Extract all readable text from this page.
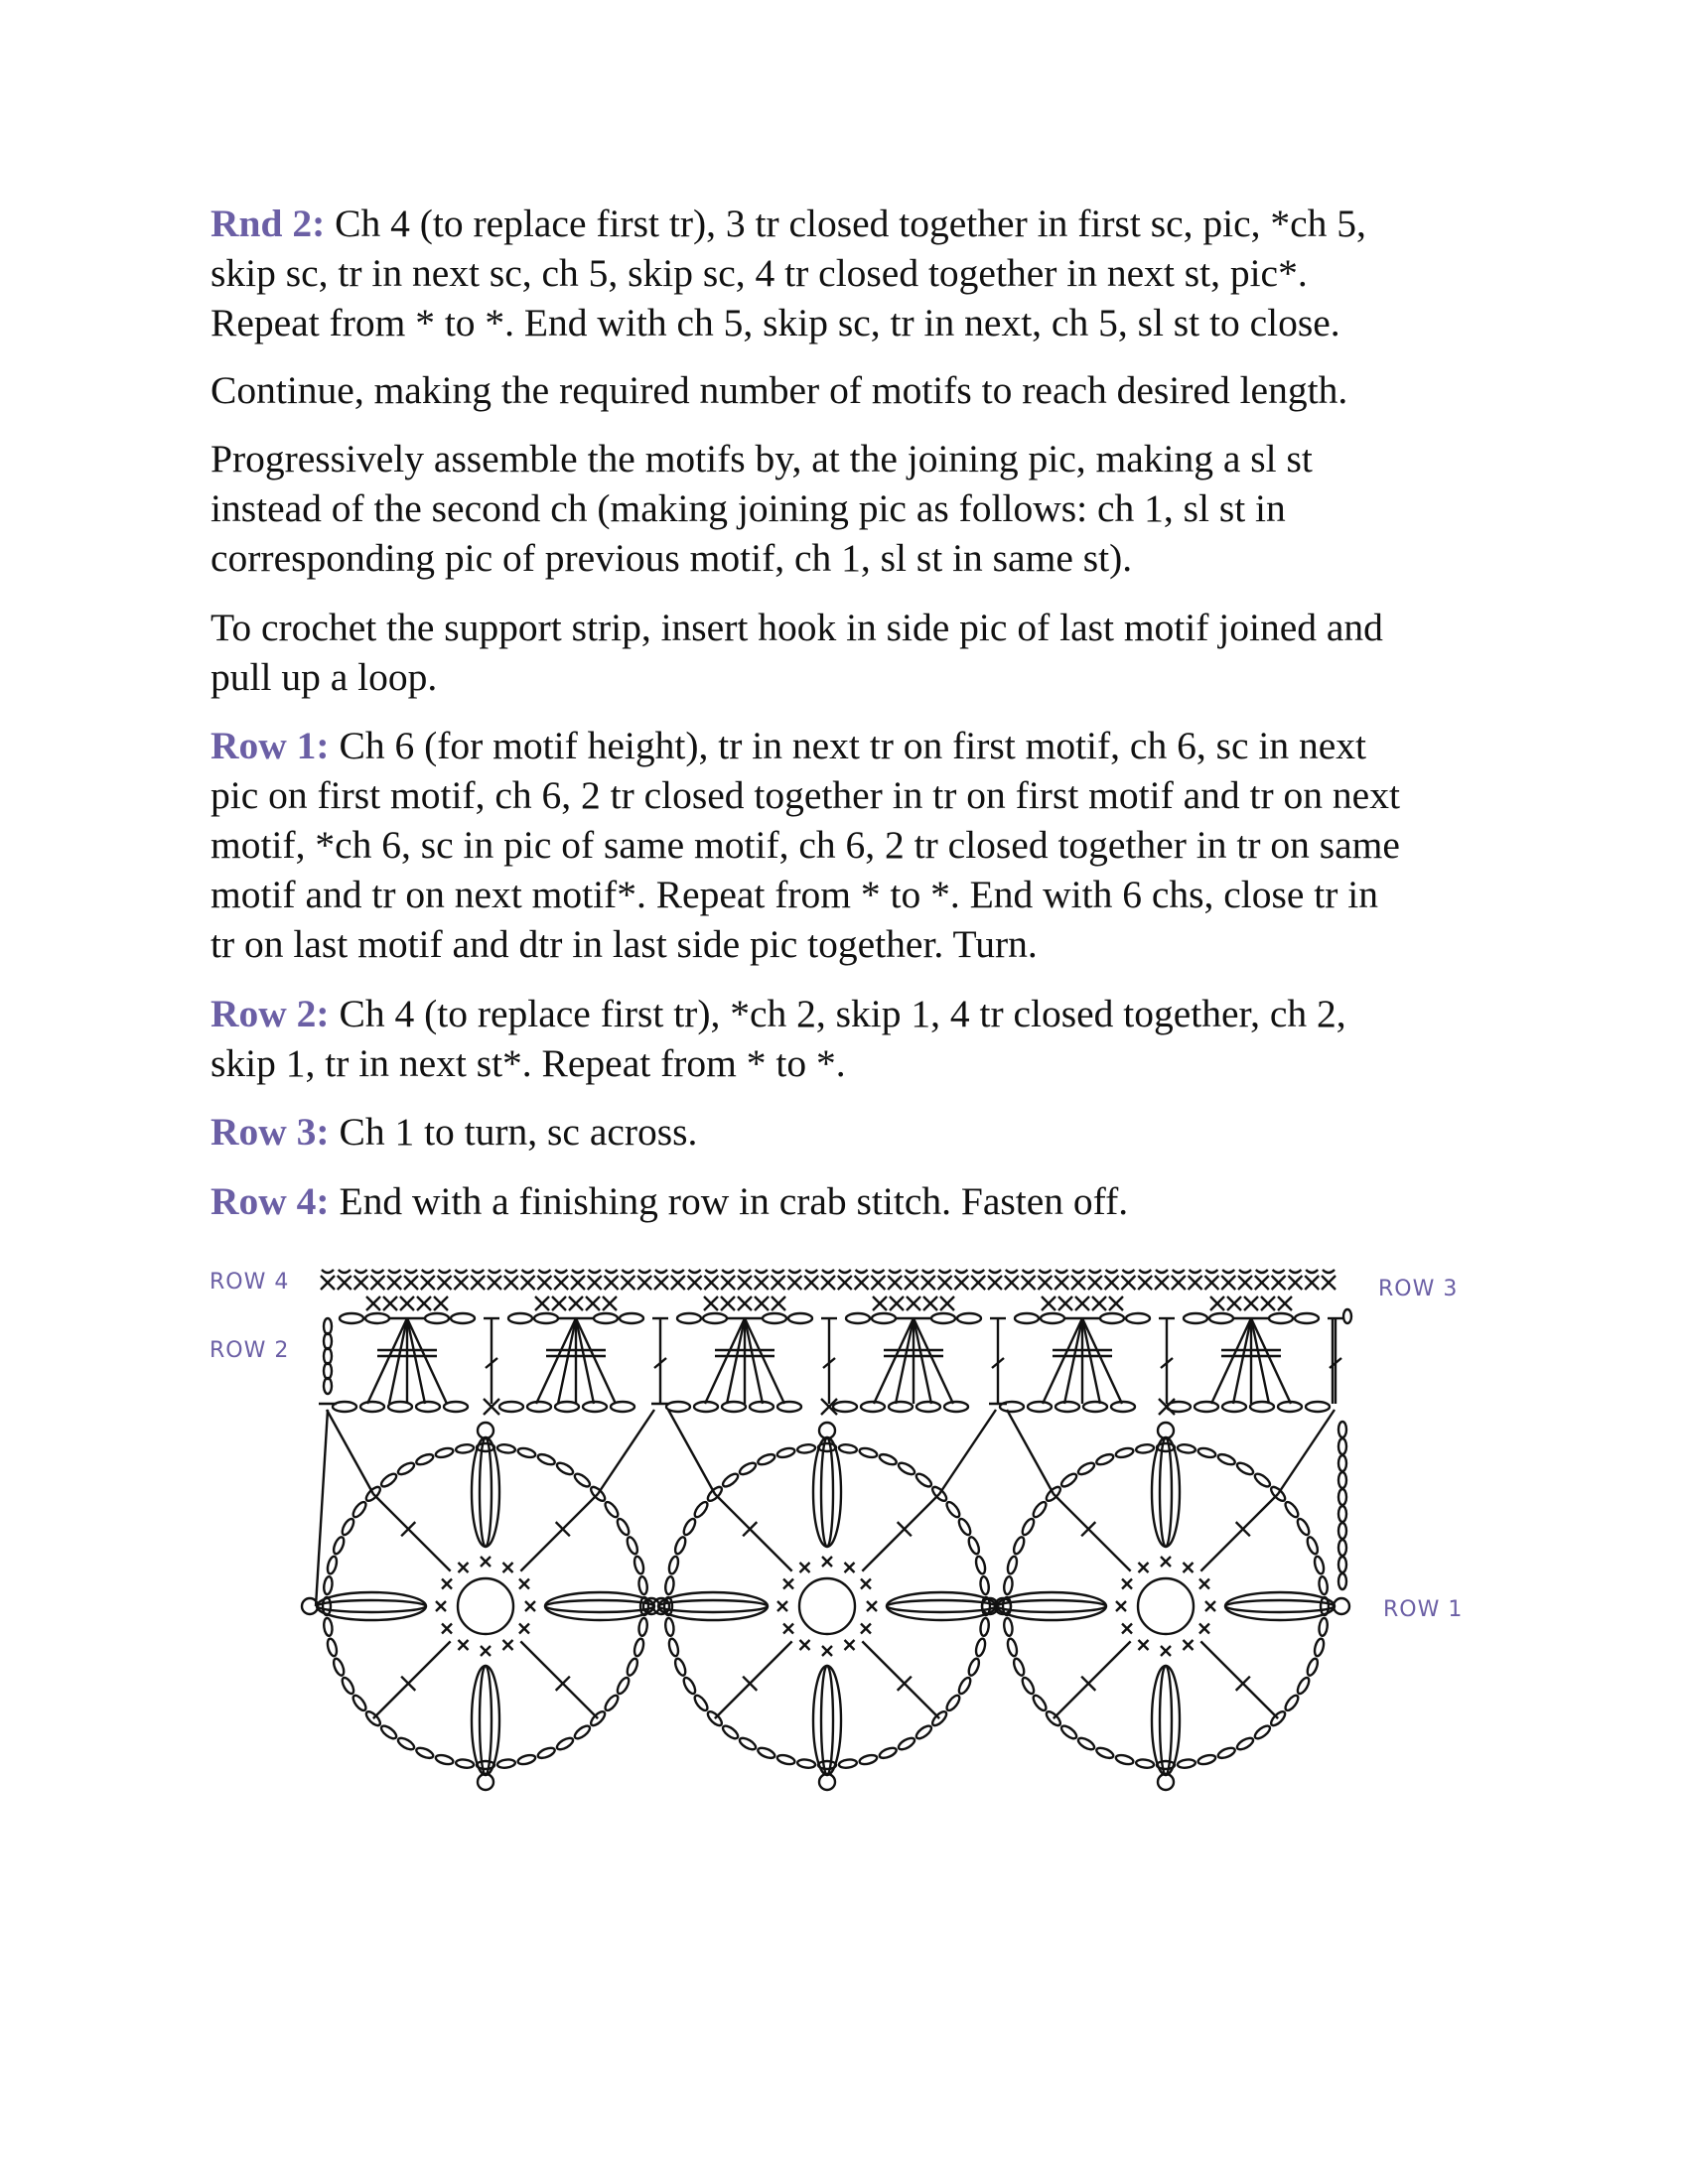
Rnd 2: Ch 4 (to replace first tr), 3 tr closed together in first sc, pic, *ch 5,
skip sc, tr in next sc, ch 5, skip sc, 4 tr closed together in next st, pic*.
Repeat from * to *. End with ch 5, skip sc, tr in next, ch 5, sl st to close.

Continue, making the required number of motifs to reach desired length.

Progressively assemble the motifs by, at the joining pic, making a sl st
instead of the second ch (making joining pic as follows: ch 1, sl st in
corresponding pic of previous motif, ch 1, sl st in same st).

To crochet the support strip, insert hook in side pic of last motif joined and
pull up a loop.

Row 1: Ch 6 (for motif height), tr in next tr on first motif, ch 6, sc in next
pic on first motif, ch 6, 2 tr closed together in tr on first motif and tr on next
motif, *ch 6, sc in pic of same motif, ch 6, 2 tr closed together in tr on same
motif and tr on next motif*. Repeat from * to *. End with 6 chs, close tr in
tr on last motif and dtr in last side pic together. Turn.

Row 2: Ch 4 (to replace first tr), *ch 2, skip 1, 4 tr closed together, ch 2,
skip 1, tr in next st*. Repeat from * to *.

Row 3: Ch 1 to turn, sc across.

Row 4: End with a finishing row in crab stitch. Fasten off.

ROW 4
ROW 2
ROW 3
ROW 1
